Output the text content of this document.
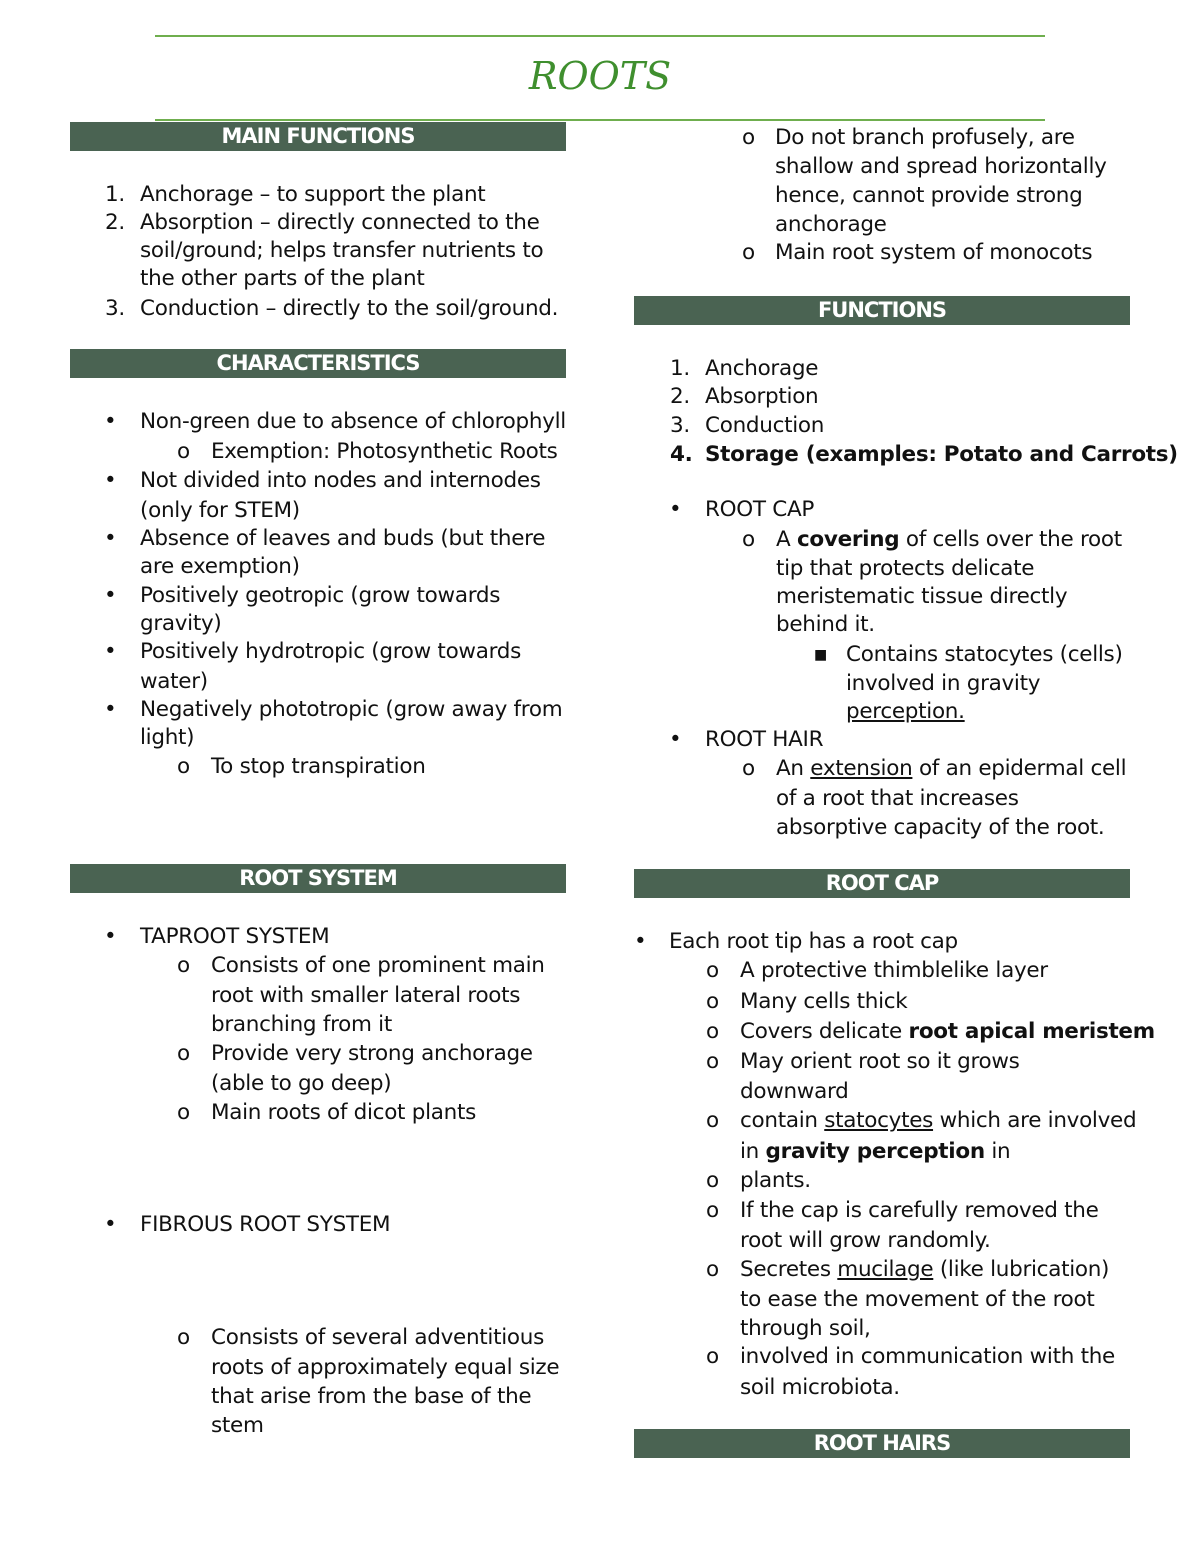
ROOTS
MAIN FUNCTIONS
1. Anchorage – to support the plant
2. Absorption – directly connected to the
soil/ground; helps transfer nutrients to
the other parts of the plant
3. Conduction – directly to the soil/ground.
CHARACTERISTICS
• Non-green due to absence of chlorophyll
o Exemption: Photosynthetic Roots
• Not divided into nodes and internodes
(only for STEM)
• Absence of leaves and buds (but there
are exemption)
• Positively geotropic (grow towards
gravity)
• Positively hydrotropic (grow towards
water)
• Negatively phototropic (grow away from
light)
o To stop transpiration
ROOT SYSTEM
• TAPROOT SYSTEM
o Consists of one prominent main
root with smaller lateral roots
branching from it
o Provide very strong anchorage
(able to go deep)
o Main roots of dicot plants
• FIBROUS ROOT SYSTEM
o Consists of several adventitious
roots of approximately equal size
that arise from the base of the
stem
o Do not branch profusely, are
shallow and spread horizontally
hence, cannot provide strong
anchorage
o Main root system of monocots
FUNCTIONS
1. Anchorage
2. Absorption
3. Conduction
4. Storage (examples: Potato and Carrots)
• ROOT CAP
o A covering of cells over the root
tip that protects delicate
meristematic tissue directly
behind it.
■ Contains statocytes (cells)
involved in gravity
perception.
• ROOT HAIR
o An extension of an epidermal cell
of a root that increases
absorptive capacity of the root.
ROOT CAP
• Each root tip has a root cap
o A protective thimblelike layer
o Many cells thick
o Covers delicate root apical meristem
o May orient root so it grows
downward
o contain statocytes which are involved
in gravity perception in
o plants.
o If the cap is carefully removed the
root will grow randomly.
o Secretes mucilage (like lubrication)
to ease the movement of the root
through soil,
o involved in communication with the
soil microbiota.
ROOT HAIRS
